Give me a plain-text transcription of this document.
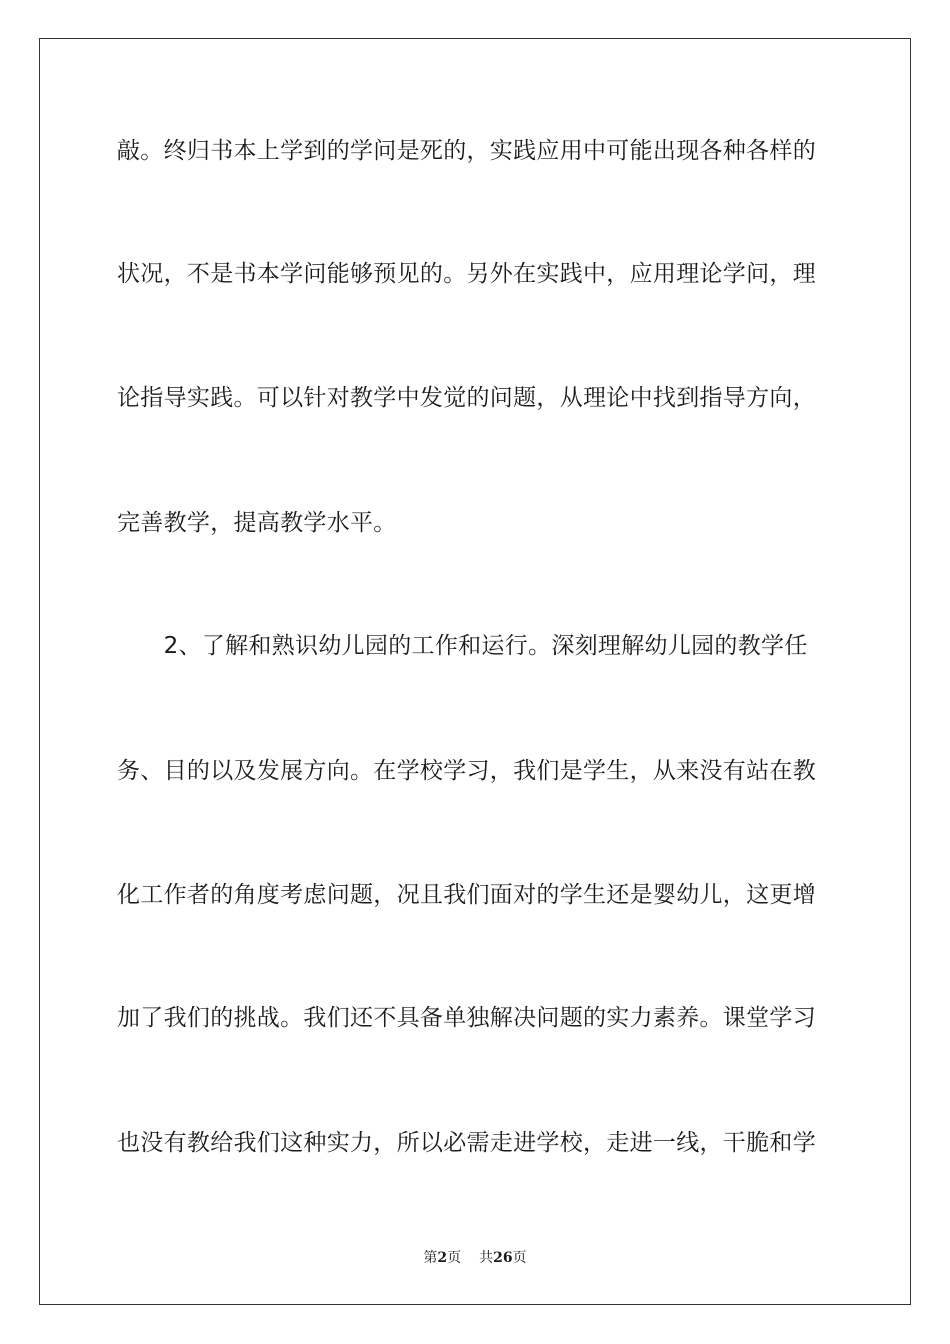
敲。终归书本上学到的学问是死的，实践应用中可能出现各种各样的
状况，不是书本学问能够预见的。另外在实践中，应用理论学问，理
论指导实践。可以针对教学中发觉的问题，从理论中找到指导方向，
完善教学，提高教学水平。
　　2、了解和熟识幼儿园的工作和运行。深刻理解幼儿园的教学任
务、目的以及发展方向。在学校学习，我们是学生，从来没有站在教
化工作者的角度考虑问题，况且我们面对的学生还是婴幼儿，这更增
加了我们的挑战。我们还不具备单独解决问题的实力素养。课堂学习
也没有教给我们这种实力，所以必需走进学校，走进一线，干脆和学
第2页 共26页
